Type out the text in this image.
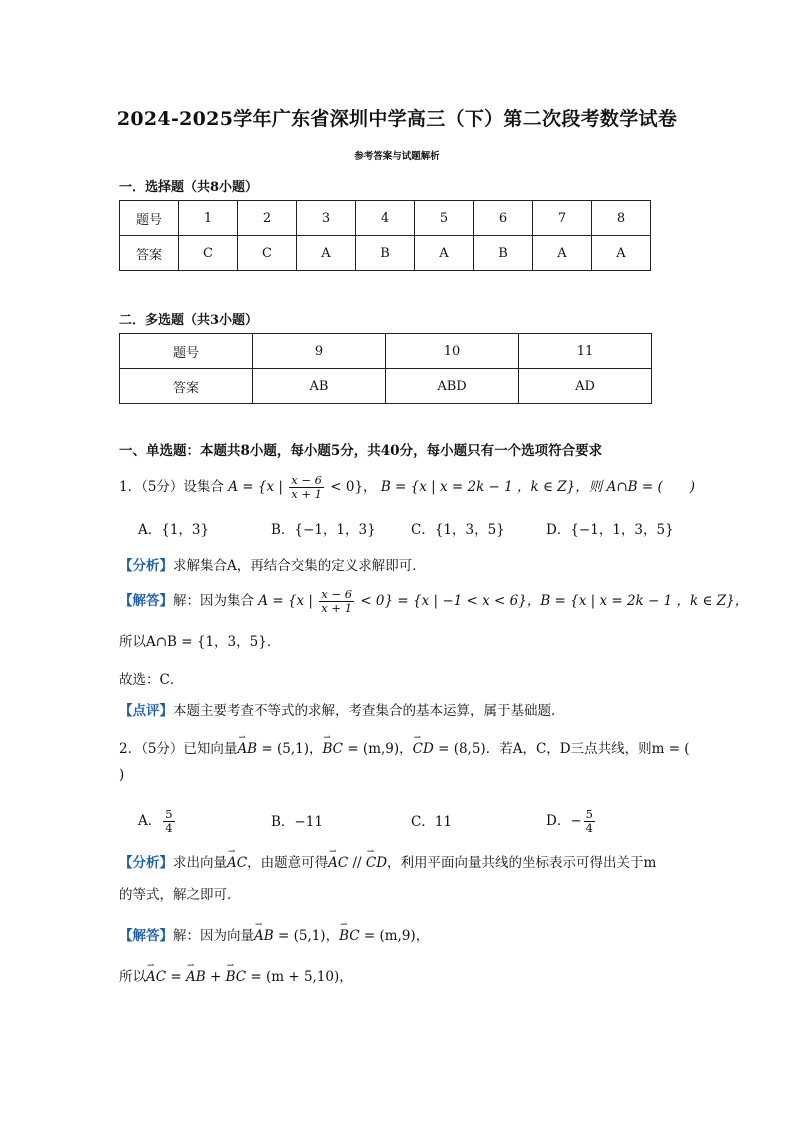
2024-2025学年广东省深圳中学高三（下）第二次段考数学试卷
参考答案与试题解析
一．选择题（共8小题）
题号	1	2	3	4	5	6	7	8
答案	C	C	A	B	A	B	A	A
二．多选题（共3小题）
题号	9	10	11
答案	AB	ABD	AD
一、单选题：本题共8小题，每小题5分，共40分，每小题只有一个选项符合要求
1．（5分）设集合 A = {x | $\frac{x - 6}{x + 1} < 0$}， B = {x | x = 2k − 1 ，k ∈ Z}，则 A∩B = (　　)
A．{1，3}	B．{−1，1，3}	C．{1，3，5}	D．{−1，1，3，5}
【分析】求解集合A，再结合交集的定义求解即可．
【解答】解：因为集合 A = {x | $\frac{x - 6}{x + 1} < 0\} = \{x$ | −1 < x < 6}，B = {x | x = 2k − 1 ，k ∈ Z}，
所以A∩B = {1，3，5}．
故选：C．
【点评】本题主要考查不等式的求解，考查集合的基本运算，属于基础题．
2．（5分）已知向量⇀ AB = (5,1)，⇀ BC = (m,9)，⇀ CD = (8,5)．若A，C，D三点共线，则m = (
)
A． $\frac{5}{4}$	B．−11	C．11	D．− $\frac{5}{4}$
【分析】求出向量⇀ AC，由题意可得⇀ AC // ⇀ CD，利用平面向量共线的坐标表示可得出关于m
的等式，解之即可．
【解答】解：因为向量⇀ AB = (5,1)，⇀ BC = (m,9)，
所以⇀ AC = ⇀ AB + ⇀ BC = (m + 5,10)，
